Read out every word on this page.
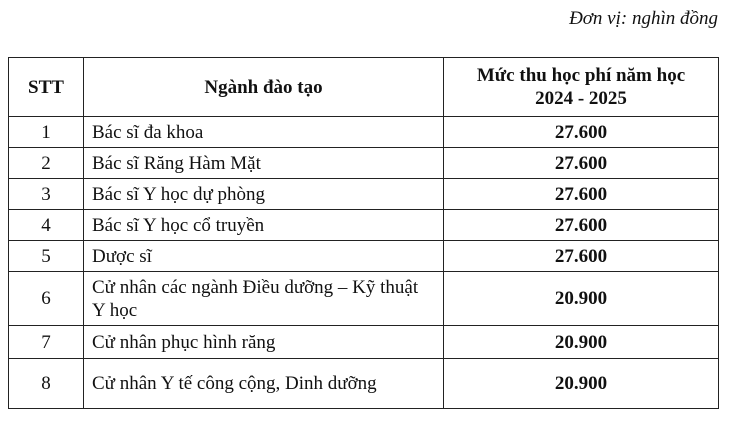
Đơn vị: nghìn đồng
STT	Ngành đào tạo	Mức thu học phí năm học
2024 - 2025
1	Bác sĩ đa khoa	27.600
2	Bác sĩ Răng Hàm Mặt	27.600
3	Bác sĩ Y học dự phòng	27.600
4	Bác sĩ Y học cổ truyền	27.600
5	Dược sĩ	27.600
6	Cử nhân các ngành Điều dưỡng – Kỹ thuật Y học	20.900
7	Cử nhân phục hình răng	20.900
8	Cử nhân Y tế công cộng, Dinh dưỡng	20.900
